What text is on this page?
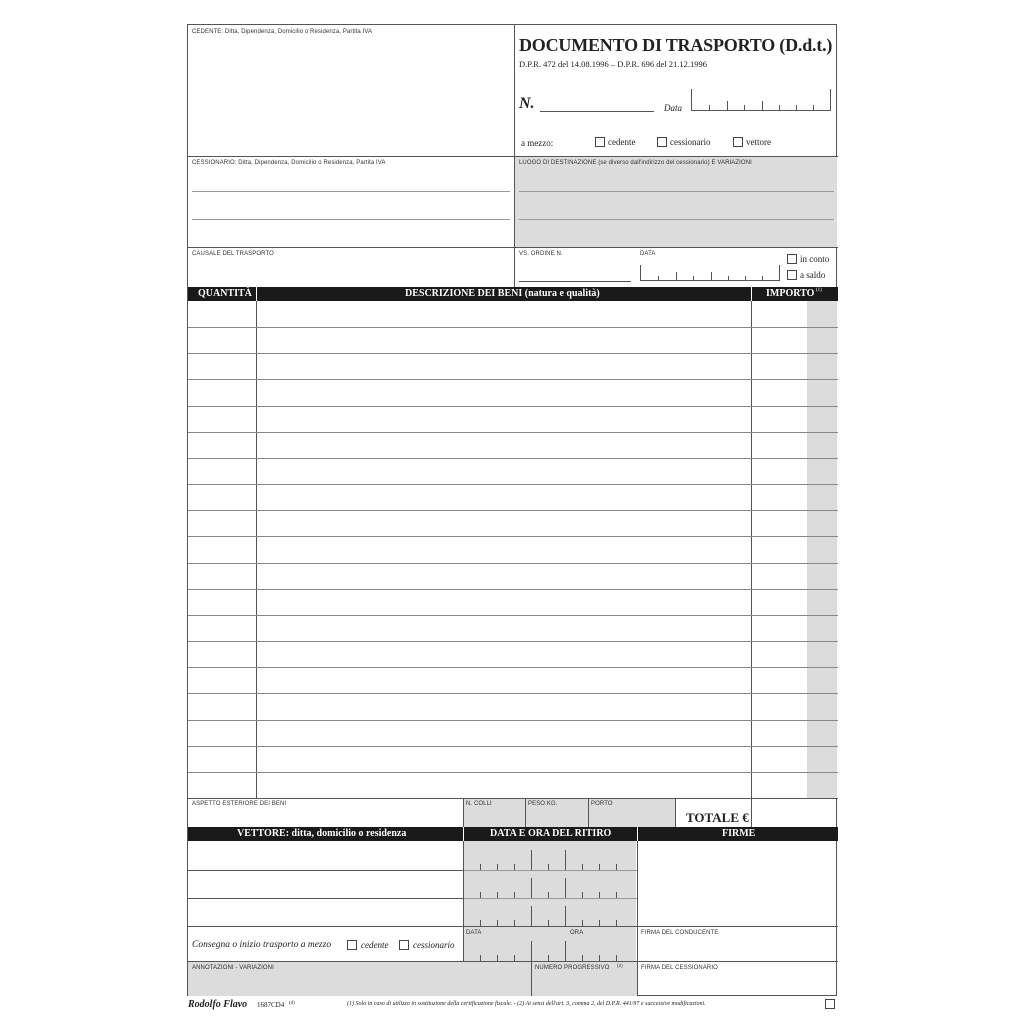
CEDENTE: Ditta, Dipendenza, Domicilio o Residenza, Partita IVA
DOCUMENTO DI TRASPORTO (D.d.t.)
D.P.R. 472 del 14.08.1996 – D.P.R. 696 del 21.12.1996
N.	Data
a mezzo:	cedente	cessionario	vettore
CESSIONARIO: Ditta, Dipendenza, Domicilio o Residenza, Partita IVA	LUOGO DI DESTINAZIONE (se diverso dall'indirizzo del cessionario) E VARIAZIONI
CAUSALE DEL TRASPORTO	VS. ORDINE N.	DATA	in conto
a saldo
QUANTITÀ	DESCRIZIONE DEI BENI (natura e qualità)	IMPORTO (1)
ASPETTO ESTERIORE DEI BENI	N. COLLI	PESO KG.	PORTO
TOTALE €
VETTORE: ditta, domicilio o residenza	DATA E ORA DEL RITIRO	FIRME
DATA	ORA	FIRMA DEL CONDUCENTE
Consegna o inizio trasporto a mezzo	cedente	cessionario
ANNOTAZIONI - VARIAZIONI	NUMERO PROGRESSIVO (2)	FIRMA DEL CESSIONARIO
Rodolfo Flavo 1687CD4 (d)	(1) Solo in caso di utilizzo in sostituzione della certificazione fiscale. - (2) Ai sensi dell'art. 3, comma 2, del D.P.R. 441/97 e successive modificazioni.
